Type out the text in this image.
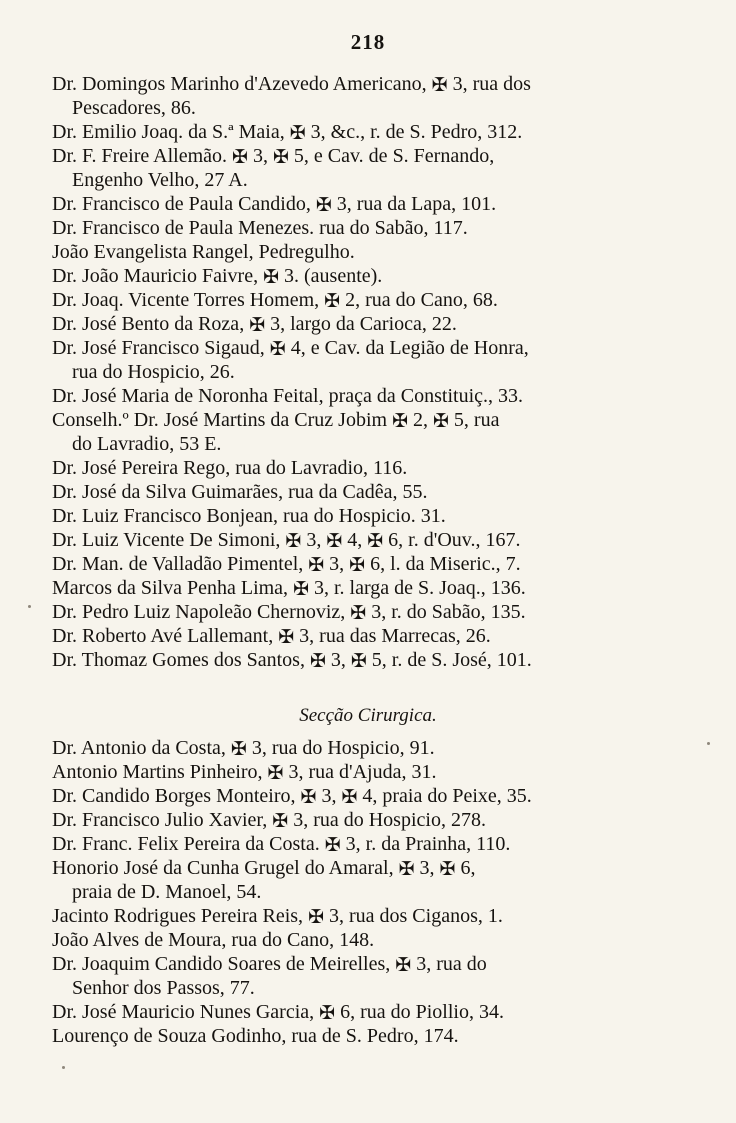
218
Dr. Domingos Marinho d'Azevedo Americano, ✠ 3, rua dos
Pescadores, 86.
Dr. Emilio Joaq. da S.ª Maia, ✠ 3, &c., r. de S. Pedro, 312.
Dr. F. Freire Allemão. ✠ 3, ✠ 5, e Cav. de S. Fernando,
Engenho Velho, 27 A.
Dr. Francisco de Paula Candido, ✠ 3, rua da Lapa, 101.
Dr. Francisco de Paula Menezes. rua do Sabão, 117.
João Evangelista Rangel, Pedregulho.
Dr. João Mauricio Faivre, ✠ 3. (ausente).
Dr. Joaq. Vicente Torres Homem, ✠ 2, rua do Cano, 68.
Dr. José Bento da Roza, ✠ 3, largo da Carioca, 22.
Dr. José Francisco Sigaud, ✠ 4, e Cav. da Legião de Honra,
rua do Hospicio, 26.
Dr. José Maria de Noronha Feital, praça da Constituiç., 33.
Conselh.º Dr. José Martins da Cruz Jobim ✠ 2, ✠ 5, rua
do Lavradio, 53 E.
Dr. José Pereira Rego, rua do Lavradio, 116.
Dr. José da Silva Guimarães, rua da Cadêa, 55.
Dr. Luiz Francisco Bonjean, rua do Hospicio. 31.
Dr. Luiz Vicente De Simoni, ✠ 3, ✠ 4, ✠ 6, r. d'Ouv., 167.
Dr. Man. de Valladão Pimentel, ✠ 3, ✠ 6, l. da Miseric., 7.
Marcos da Silva Penha Lima, ✠ 3, r. larga de S. Joaq., 136.
Dr. Pedro Luiz Napoleão Chernoviz, ✠ 3, r. do Sabão, 135.
Dr. Roberto Avé Lallemant, ✠ 3, rua das Marrecas, 26.
Dr. Thomaz Gomes dos Santos, ✠ 3, ✠ 5, r. de S. José, 101.
Secção Cirurgica.
Dr. Antonio da Costa, ✠ 3, rua do Hospicio, 91.
Antonio Martins Pinheiro, ✠ 3, rua d'Ajuda, 31.
Dr. Candido Borges Monteiro, ✠ 3, ✠ 4, praia do Peixe, 35.
Dr. Francisco Julio Xavier, ✠ 3, rua do Hospicio, 278.
Dr. Franc. Felix Pereira da Costa. ✠ 3, r. da Prainha, 110.
Honorio José da Cunha Grugel do Amaral, ✠ 3, ✠ 6,
praia de D. Manoel, 54.
Jacinto Rodrigues Pereira Reis, ✠ 3, rua dos Ciganos, 1.
João Alves de Moura, rua do Cano, 148.
Dr. Joaquim Candido Soares de Meirelles, ✠ 3, rua do
Senhor dos Passos, 77.
Dr. José Mauricio Nunes Garcia, ✠ 6, rua do Piollio, 34.
Lourenço de Souza Godinho, rua de S. Pedro, 174.
